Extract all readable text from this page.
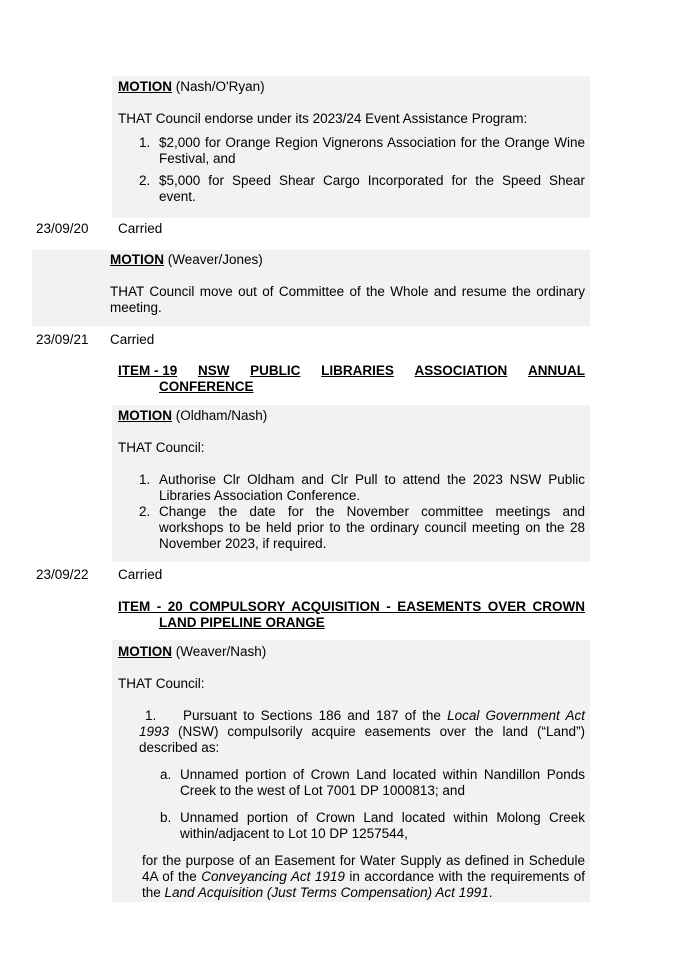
MOTION (Nash/O'Ryan)

THAT Council endorse under its 2023/24 Event Assistance Program:

1. $2,000 for Orange Region Vignerons Association for the Orange Wine

Festival, and

2. $5,000 for Speed Shear Cargo Incorporated for the Speed Shear

event.

23/09/20 Carried

MOTION (Weaver/Jones)

THAT Council move out of Committee of the Whole and resume the ordinary

meeting.

23/09/21 Carried
ITEM - 19 NSW PUBLIC LIBRARIES ASSOCIATION ANNUAL

CONFERENCE

MOTION (Oldham/Nash)

THAT Council:

1. Authorise Clr Oldham and Clr Pull to attend the 2023 NSW Public

Libraries Association Conference.

2. Change the date for the November committee meetings and

workshops to be held prior to the ordinary council meeting on the 28

November 2023, if required.

23/09/22 Carried

ITEM - 20 COMPULSORY ACQUISITION - EASEMENTS OVER CROWN

LAND PIPELINE ORANGE

MOTION (Weaver/Nash)

THAT Council:

1. Pursuant to Sections 186 and 187 of the Local Government Act

1993 (NSW) compulsorily acquire easements over the land (“Land”)

described as:

a. Unnamed portion of Crown Land located within Nandillon Ponds

Creek to the west of Lot 7001 DP 1000813; and

b. Unnamed portion of Crown Land located within Molong Creek

within/adjacent to Lot 10 DP 1257544,

for the purpose of an Easement for Water Supply as defined in Schedule

4A of the Conveyancing Act 1919 in accordance with the requirements of

the Land Acquisition (Just Terms Compensation) Act 1991.
